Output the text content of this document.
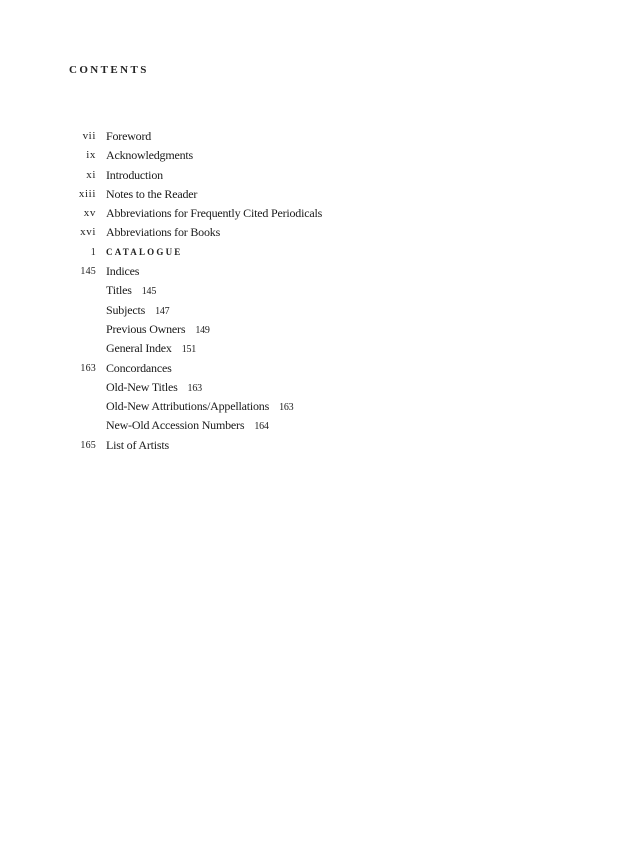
CONTENTS
vii Foreword
ix Acknowledgments
xi Introduction
xiii Notes to the Reader
xv Abbreviations for Frequently Cited Periodicals
xvi Abbreviations for Books
1 CATALOGUE
145 Indices
Titles 145
Subjects 147
Previous Owners 149
General Index 151
163 Concordances
Old-New Titles 163
Old-New Attributions/Appellations 163
New-Old Accession Numbers 164
165 List of Artists
